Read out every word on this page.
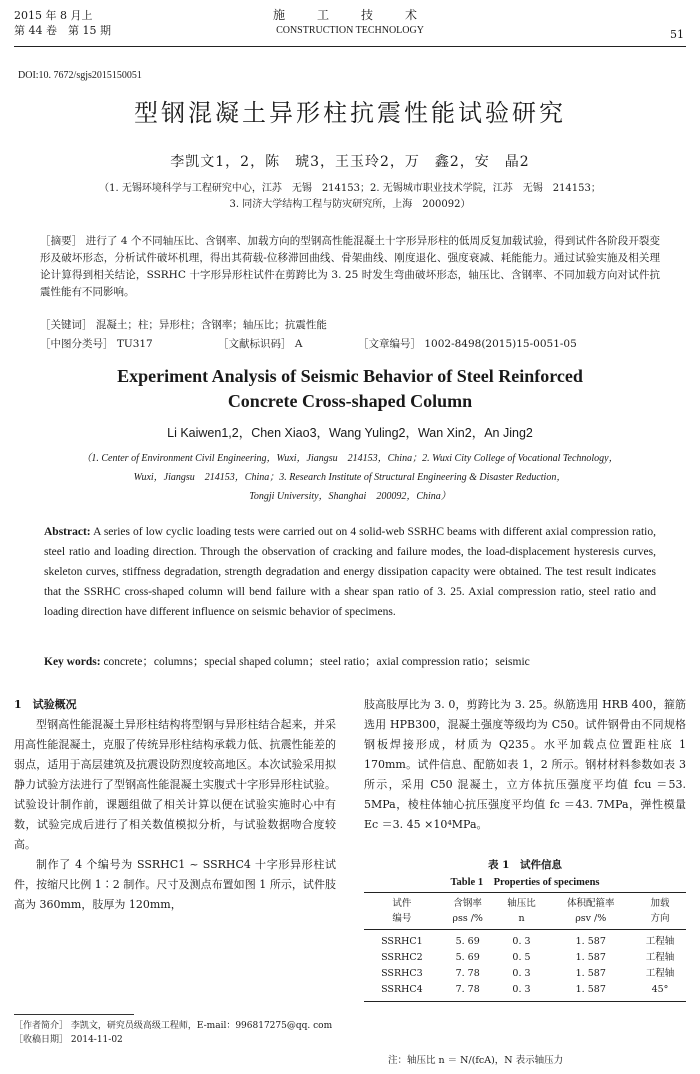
2015 年 8 月上
第 44 卷　第 15 期
施　工　技　术
CONSTRUCTION TECHNOLOGY	51
DOI:10. 7672/sgjs2015150051
型钢混凝土异形柱抗震性能试验研究
李凯文1，2，陈　琥3，王玉玲2，万　鑫2，安　晶2
（1. 无锡环境科学与工程研究中心，江苏　无锡　214153；2. 无锡城市职业技术学院，江苏　无锡　214153；
3. 同济大学结构工程与防灾研究所，上海　200092）
［摘要］ 进行了 4 个不同轴压比、含钢率、加载方向的型钢高性能混凝土十字形异形柱的低周反复加载试验，得到试件各阶段开裂变形及破坏形态，分析试件破坏机理，得出其荷载-位移滞回曲线、骨架曲线、刚度退化、强度衰减、耗能能力。通过试验实施及相关理论计算得到相关结论，SSRHC 十字形异形柱试件在剪跨比为 3. 25 时发生弯曲破坏形态，轴压比、含钢率、不同加载方向对试件抗震性能有不同影响。
［关键词］ 混凝土；柱；异形柱；含钢率；轴压比；抗震性能
［中图分类号］ TU317	［文献标识码］ A	［文章编号］ 1002-8498(2015)15-0051-05
Experiment Analysis of Seismic Behavior of Steel Reinforced
Concrete Cross-shaped Column
Li Kaiwen1,2，Chen Xiao3，Wang Yuling2，Wan Xin2，An Jing2
（1. Center of Environment Civil Engineering，Wuxi，Jiangsu　214153，China；2. Wuxi City College of Vocational Technology，
Wuxi，Jiangsu　214153，China；3. Research Institute of Structural Engineering & Disaster Reduction，
Tongji University，Shanghai　200092，China）
Abstract: A series of low cyclic loading tests were carried out on 4 solid-web SSRHC beams with different axial compression ratio, steel ratio and loading direction. Through the observation of cracking and failure modes, the load-displacement hysteresis curves, skeleton curves, stiffness degradation, strength degradation and energy dissipation capacity were obtained. The test result indicates that the SSRHC cross-shaped column will bend failure with a shear span ratio of 3. 25. Axial compression ratio, steel ratio and loading direction have different influence on seismic behavior of specimens.
Key words: concrete；columns；special shaped column；steel ratio；axial compression ratio；seismic
1　试验概况

型钢高性能混凝土异形柱结构将型钢与异形柱结合起来，并采用高性能混凝土，克服了传统异形柱结构承载力低、抗震性能差的弱点，适用于高层建筑及抗震设防烈度较高地区。本次试验采用拟静力试验方法进行了型钢高性能混凝土实腹式十字形异形柱试验。试验设计制作前，课题组做了相关计算以便在试验实施时心中有数，试验完成后进行了相关数值模拟分析，与试验数据吻合度较高。

制作了 4 个编号为 SSRHC1 ~ SSRHC4 十字形异形柱试件，按缩尺比例 1∶2 制作。尺寸及测点布置如图 1 所示，试件肢高为 360mm，肢厚为 120mm，

［作者简介］ 李凯文，研究员级高级工程师，E-mail：996817275@qq. com
［收稿日期］ 2014-11-02

肢高肢厚比为 3. 0，剪跨比为 3. 25。纵筋选用 HRB 400，箍筋选用 HPB300，混凝土强度等级均为 C50。试件钢骨由不同规格钢板焊接形成，材质为 Q235。水平加载点位置距柱底 1 170mm。试件信息、配筋如表 1，2 所示。钢材材料参数如表 3 所示，采用 C50 混凝土，立方体抗压强度平均值 fcu ＝53. 5MPa，棱柱体轴心抗压强度平均值 fc ＝43. 7MPa，弹性模量 Ec ＝3. 45 ×10⁴MPa。

表 1　试件信息
Table 1　Properties of specimens
试件	含钢率	轴压比	体积配箍率	加载
编号	ρss /%	n	ρsv /%	方向
SSRHC1	5. 69	0. 3	1. 587	工程轴
SSRHC2	5. 69	0. 5	1. 587	工程轴
SSRHC3	7. 78	0. 3	1. 587	工程轴
SSRHC4	7. 78	0. 3	1. 587	45°
注：轴压比 n ＝ N/(fcA)，N 表示轴压力
